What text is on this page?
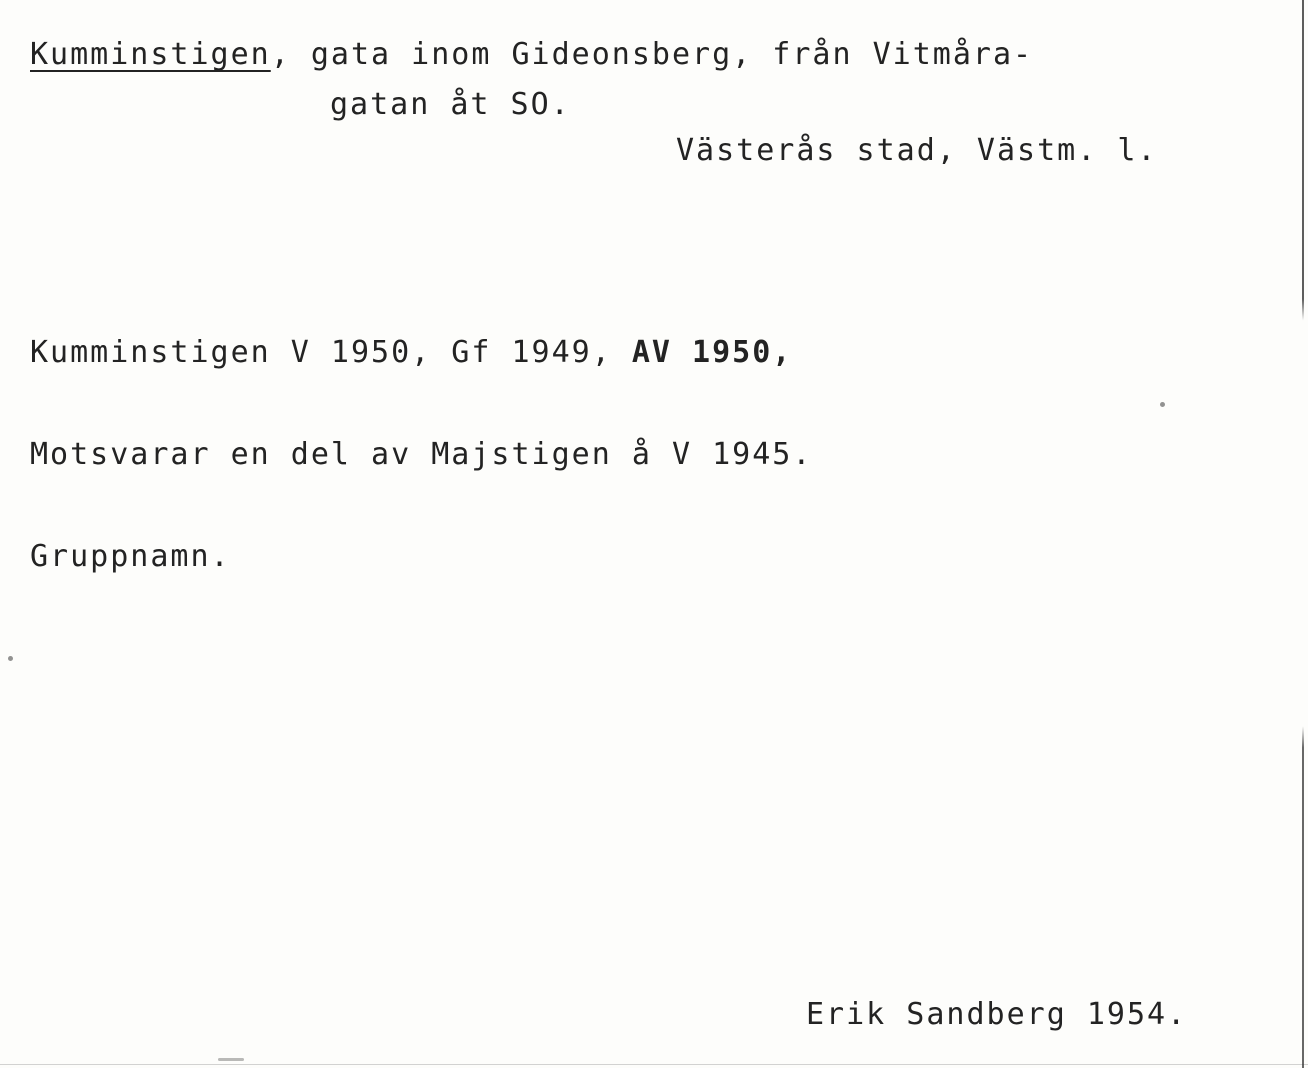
Kumminstigen, gata inom Gideonsberg, från Vitmåra-
gatan åt SO.
Västerås stad, Västm. l.
Kumminstigen V 1950, Gf 1949, AV 1950,
Motsvarar en del av Majstigen å V 1945.
Gruppnamn.
Erik Sandberg 1954.
